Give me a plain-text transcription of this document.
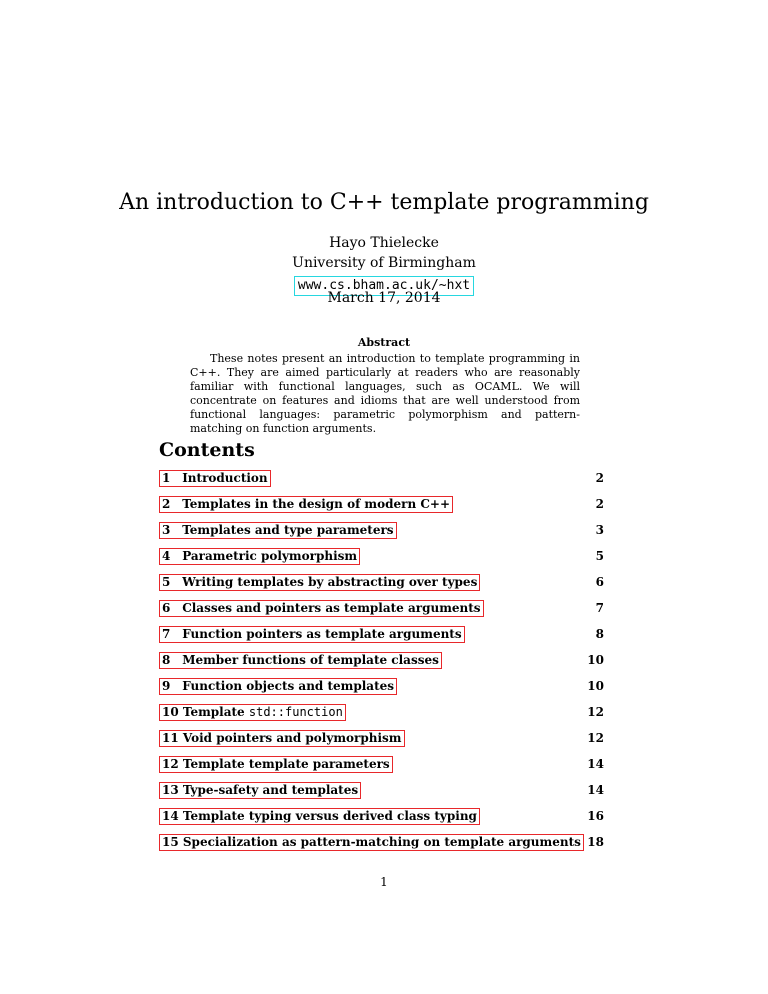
An introduction to C++ template programming
Hayo Thielecke
University of Birmingham
www.cs.bham.ac.uk/~hxt
March 17, 2014
Abstract
These notes present an introduction to template programming in C++. They are aimed particularly at readers who are reasonably familiar with functional languages, such as OCAML. We will concentrate on features and idioms that are well understood from functional languages: parametric polymorphism and pattern-matching on function arguments.
Contents
1 Introduction	2
2 Templates in the design of modern C++	2
3 Templates and type parameters	3
4 Parametric polymorphism	5
5 Writing templates by abstracting over types	6
6 Classes and pointers as template arguments	7
7 Function pointers as template arguments	8
8 Member functions of template classes	10
9 Function objects and templates	10
10 Template std::function	12
11 Void pointers and polymorphism	12
12 Template template parameters	14
13 Type-safety and templates	14
14 Template typing versus derived class typing	16
15 Specialization as pattern-matching on template arguments 18
1
